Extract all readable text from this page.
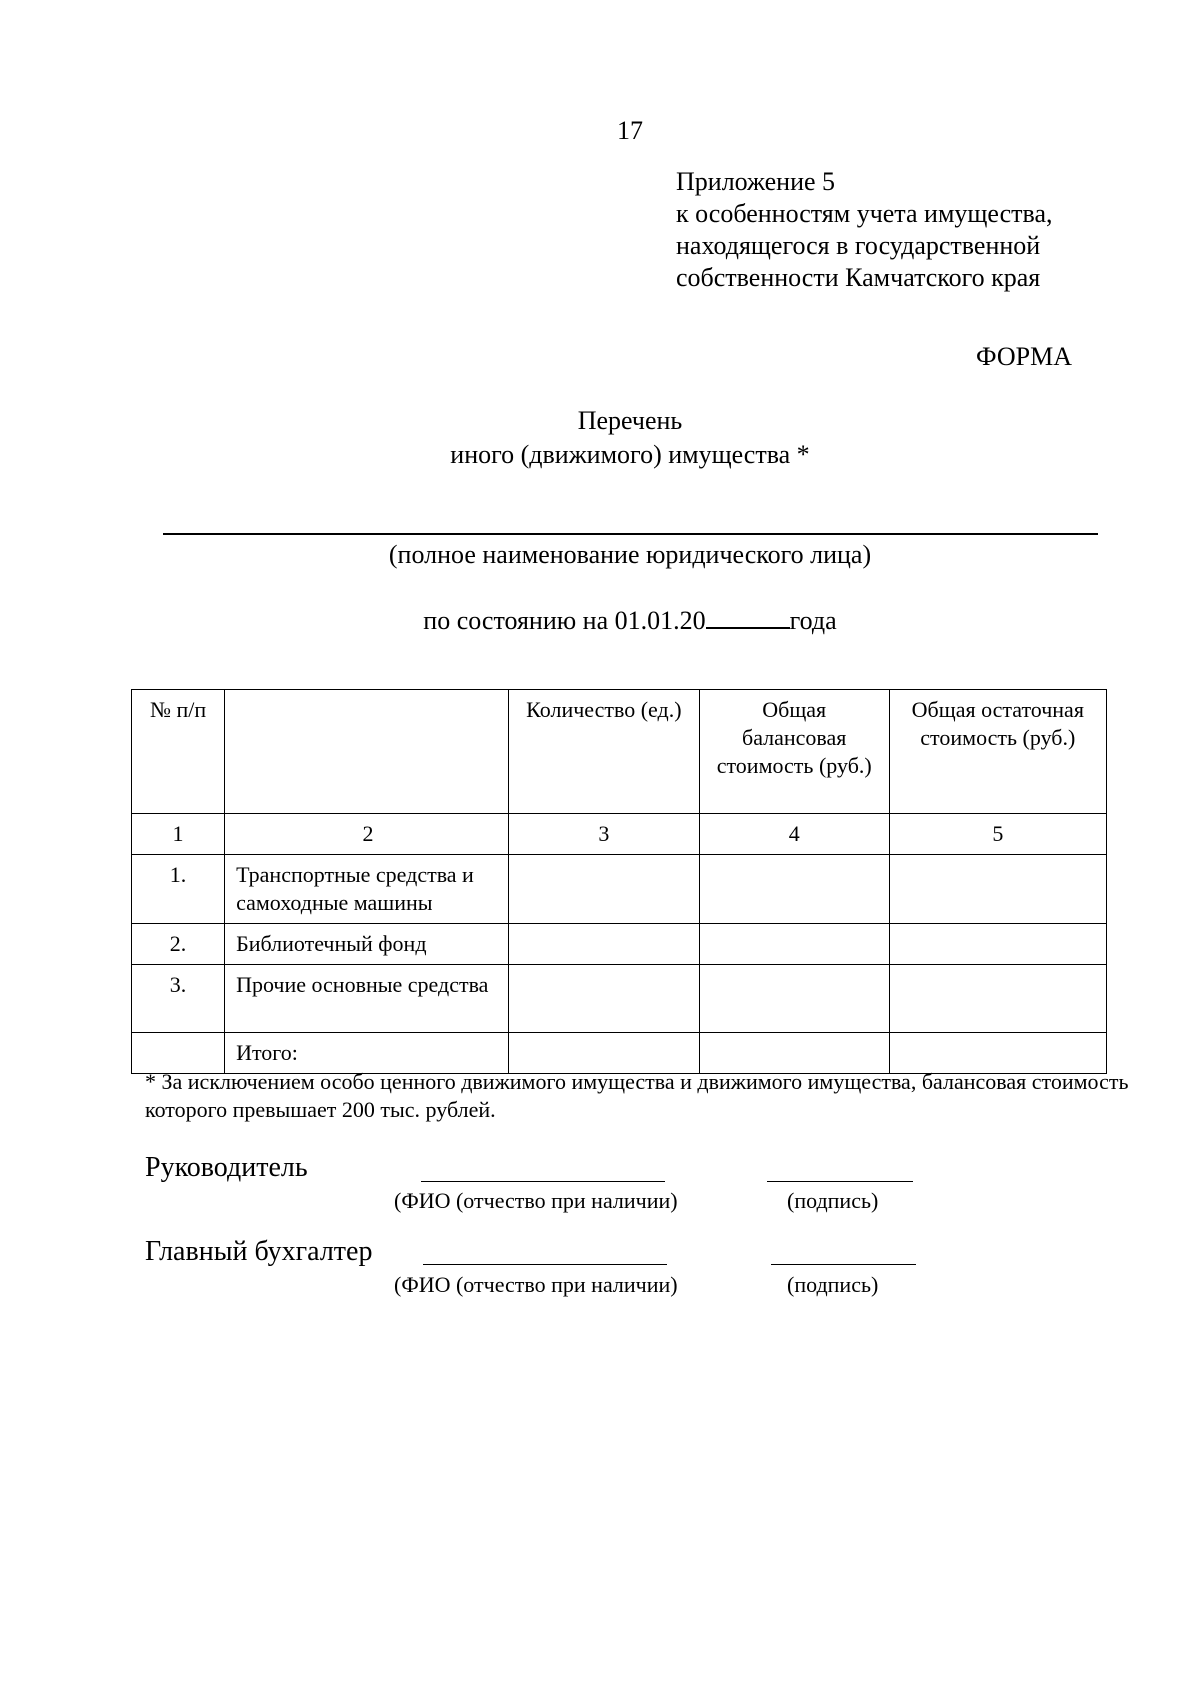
17
Приложение 5
к особенностям учета имущества,
находящегося в государственной
собственности Камчатского края
ФОРМА
Перечень
иного (движимого) имущества *
(полное наименование юридического лица)
по состоянию на 01.01.20	года
№ п/п		Количество (ед.)	Общая балансовая стоимость (руб.)	Общая остаточная стоимость (руб.)
1	2	3	4	5
1.	Транспортные средства и самоходные машины			
2.	Библиотечный фонд			
3.	Прочие основные средства			
	Итого:			
* За исключением особо ценного движимого имущества и движимого имущества, балансовая стоимость которого превышает 200 тыс. рублей.
Руководитель
(ФИО (отчество при наличии)	(подпись)
Главный бухгалтер
(ФИО (отчество при наличии)	(подпись)
